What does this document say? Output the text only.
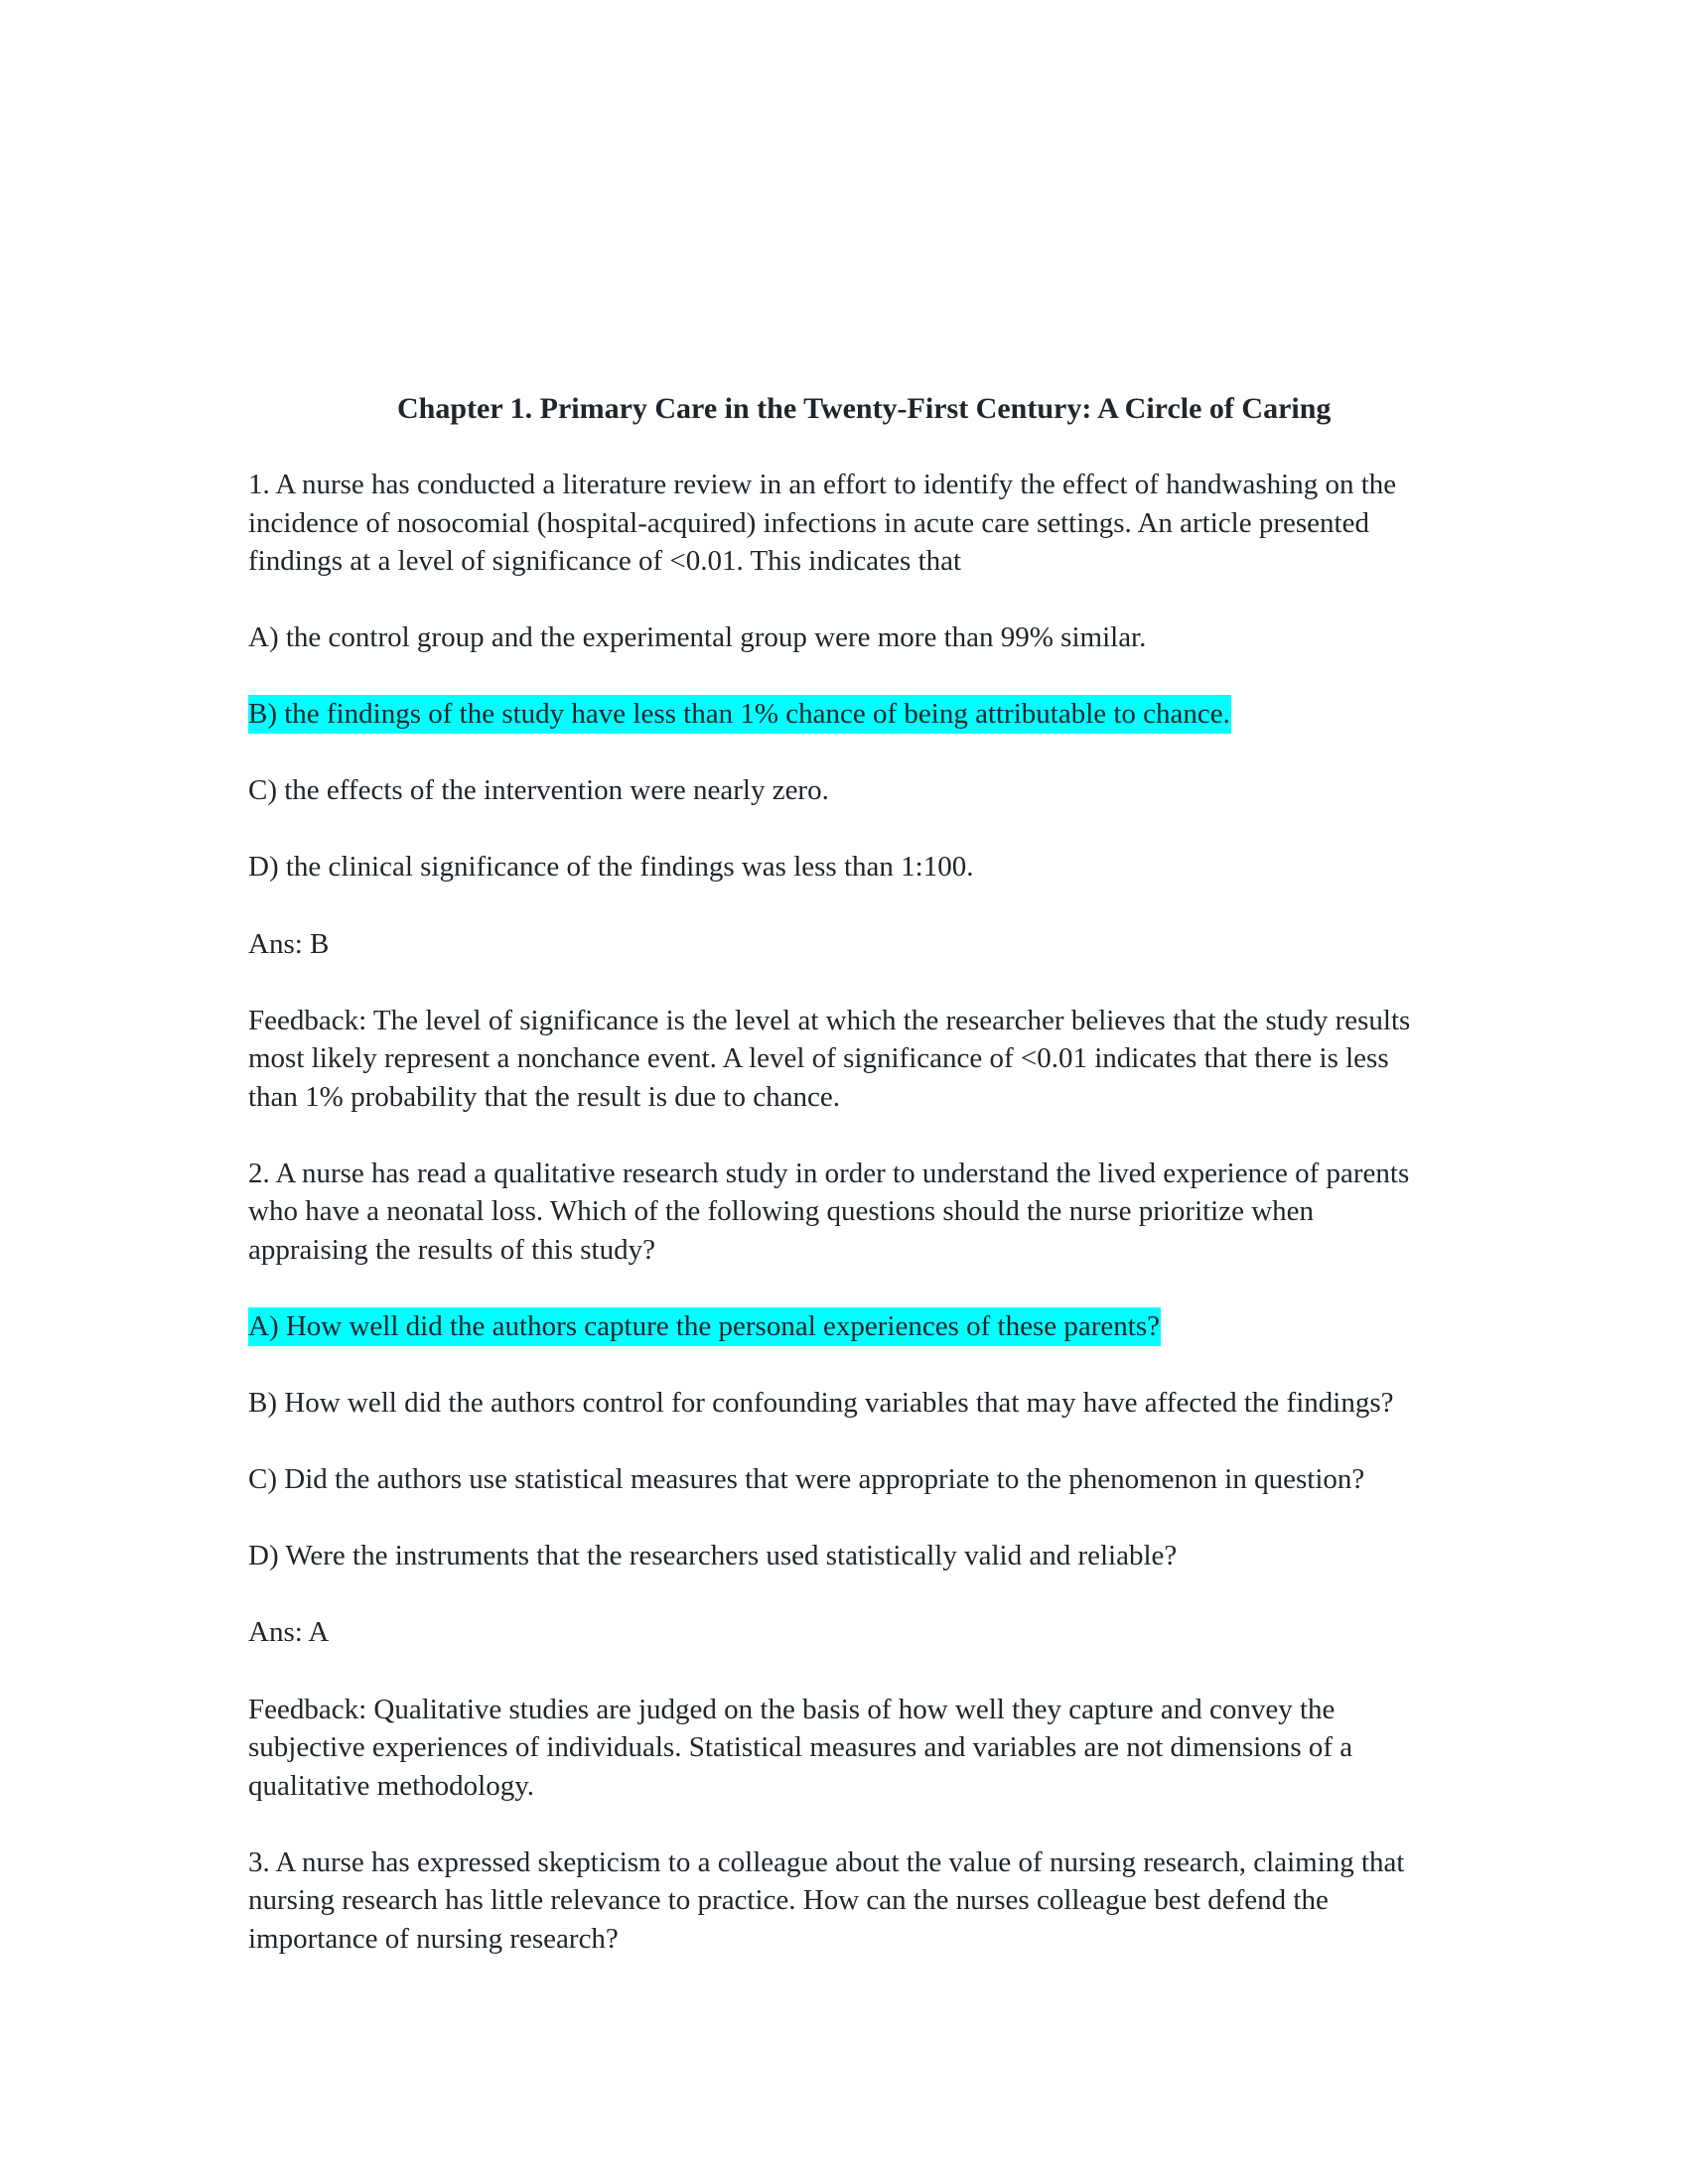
Chapter 1. Primary Care in the Twenty-First Century: A Circle of Caring
1. A nurse has conducted a literature review in an effort to identify the effect of handwashing on the
incidence of nosocomial (hospital-acquired) infections in acute care settings. An article presented
findings at a level of significance of <0.01. This indicates that
A) the control group and the experimental group were more than 99% similar.
B) the findings of the study have less than 1% chance of being attributable to chance.
C) the effects of the intervention were nearly zero.
D) the clinical significance of the findings was less than 1:100.
Ans: B
Feedback: The level of significance is the level at which the researcher believes that the study results
most likely represent a nonchance event. A level of significance of <0.01 indicates that there is less
than 1% probability that the result is due to chance.
2. A nurse has read a qualitative research study in order to understand the lived experience of parents
who have a neonatal loss. Which of the following questions should the nurse prioritize when
appraising the results of this study?
A) How well did the authors capture the personal experiences of these parents?
B) How well did the authors control for confounding variables that may have affected the findings?
C) Did the authors use statistical measures that were appropriate to the phenomenon in question?
D) Were the instruments that the researchers used statistically valid and reliable?
Ans: A
Feedback: Qualitative studies are judged on the basis of how well they capture and convey the
subjective experiences of individuals. Statistical measures and variables are not dimensions of a
qualitative methodology.
3. A nurse has expressed skepticism to a colleague about the value of nursing research, claiming that
nursing research has little relevance to practice. How can the nurses colleague best defend the
importance of nursing research?
